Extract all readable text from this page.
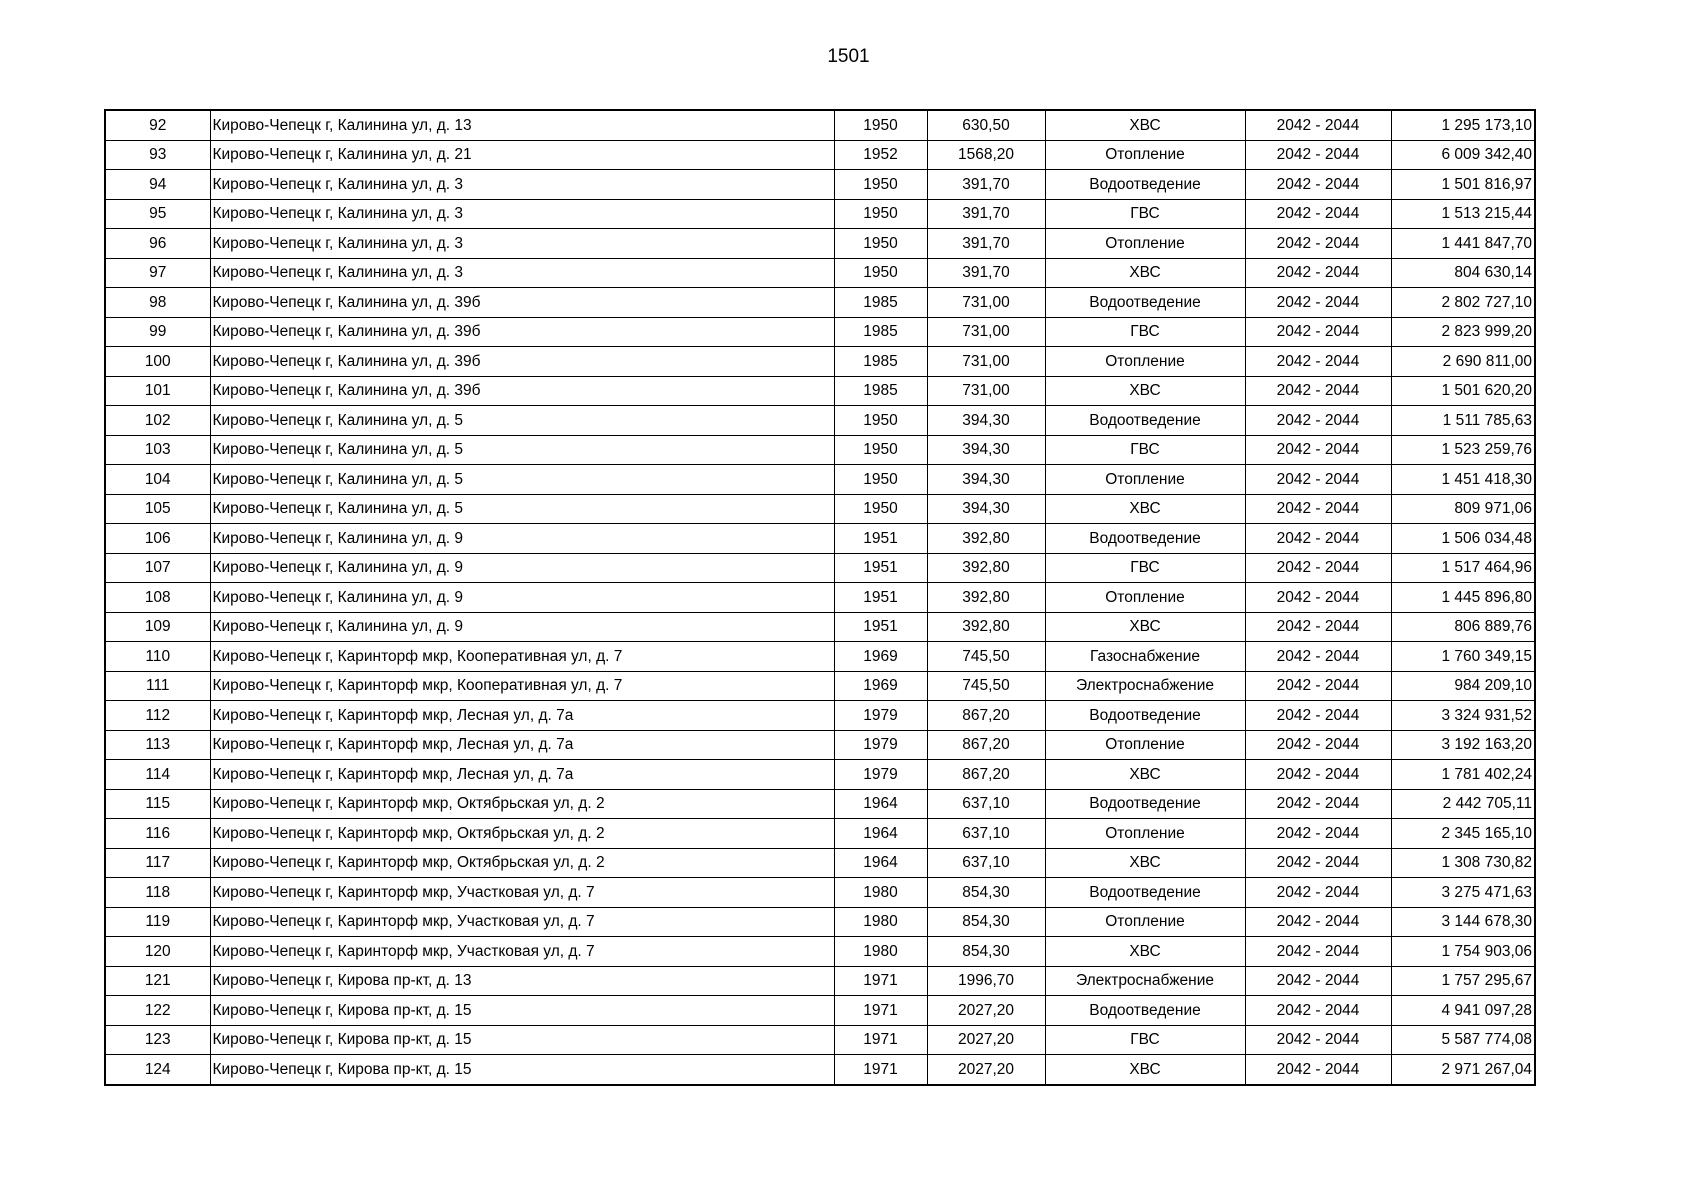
1501
92	Кирово-Чепецк г, Калинина ул, д. 13	1950	630,50	ХВС	2042 - 2044	1 295 173,10
93	Кирово-Чепецк г, Калинина ул, д. 21	1952	1568,20	Отопление	2042 - 2044	6 009 342,40
94	Кирово-Чепецк г, Калинина ул, д. 3	1950	391,70	Водоотведение	2042 - 2044	1 501 816,97
95	Кирово-Чепецк г, Калинина ул, д. 3	1950	391,70	ГВС	2042 - 2044	1 513 215,44
96	Кирово-Чепецк г, Калинина ул, д. 3	1950	391,70	Отопление	2042 - 2044	1 441 847,70
97	Кирово-Чепецк г, Калинина ул, д. 3	1950	391,70	ХВС	2042 - 2044	804 630,14
98	Кирово-Чепецк г, Калинина ул, д. 39б	1985	731,00	Водоотведение	2042 - 2044	2 802 727,10
99	Кирово-Чепецк г, Калинина ул, д. 39б	1985	731,00	ГВС	2042 - 2044	2 823 999,20
100	Кирово-Чепецк г, Калинина ул, д. 39б	1985	731,00	Отопление	2042 - 2044	2 690 811,00
101	Кирово-Чепецк г, Калинина ул, д. 39б	1985	731,00	ХВС	2042 - 2044	1 501 620,20
102	Кирово-Чепецк г, Калинина ул, д. 5	1950	394,30	Водоотведение	2042 - 2044	1 511 785,63
103	Кирово-Чепецк г, Калинина ул, д. 5	1950	394,30	ГВС	2042 - 2044	1 523 259,76
104	Кирово-Чепецк г, Калинина ул, д. 5	1950	394,30	Отопление	2042 - 2044	1 451 418,30
105	Кирово-Чепецк г, Калинина ул, д. 5	1950	394,30	ХВС	2042 - 2044	809 971,06
106	Кирово-Чепецк г, Калинина ул, д. 9	1951	392,80	Водоотведение	2042 - 2044	1 506 034,48
107	Кирово-Чепецк г, Калинина ул, д. 9	1951	392,80	ГВС	2042 - 2044	1 517 464,96
108	Кирово-Чепецк г, Калинина ул, д. 9	1951	392,80	Отопление	2042 - 2044	1 445 896,80
109	Кирово-Чепецк г, Калинина ул, д. 9	1951	392,80	ХВС	2042 - 2044	806 889,76
110	Кирово-Чепецк г, Каринторф мкр, Кооперативная ул, д. 7	1969	745,50	Газоснабжение	2042 - 2044	1 760 349,15
111	Кирово-Чепецк г, Каринторф мкр, Кооперативная ул, д. 7	1969	745,50	Электроснабжение	2042 - 2044	984 209,10
112	Кирово-Чепецк г, Каринторф мкр, Лесная ул, д. 7а	1979	867,20	Водоотведение	2042 - 2044	3 324 931,52
113	Кирово-Чепецк г, Каринторф мкр, Лесная ул, д. 7а	1979	867,20	Отопление	2042 - 2044	3 192 163,20
114	Кирово-Чепецк г, Каринторф мкр, Лесная ул, д. 7а	1979	867,20	ХВС	2042 - 2044	1 781 402,24
115	Кирово-Чепецк г, Каринторф мкр, Октябрьская ул, д. 2	1964	637,10	Водоотведение	2042 - 2044	2 442 705,11
116	Кирово-Чепецк г, Каринторф мкр, Октябрьская ул, д. 2	1964	637,10	Отопление	2042 - 2044	2 345 165,10
117	Кирово-Чепецк г, Каринторф мкр, Октябрьская ул, д. 2	1964	637,10	ХВС	2042 - 2044	1 308 730,82
118	Кирово-Чепецк г, Каринторф мкр, Участковая ул, д. 7	1980	854,30	Водоотведение	2042 - 2044	3 275 471,63
119	Кирово-Чепецк г, Каринторф мкр, Участковая ул, д. 7	1980	854,30	Отопление	2042 - 2044	3 144 678,30
120	Кирово-Чепецк г, Каринторф мкр, Участковая ул, д. 7	1980	854,30	ХВС	2042 - 2044	1 754 903,06
121	Кирово-Чепецк г, Кирова пр-кт, д. 13	1971	1996,70	Электроснабжение	2042 - 2044	1 757 295,67
122	Кирово-Чепецк г, Кирова пр-кт, д. 15	1971	2027,20	Водоотведение	2042 - 2044	4 941 097,28
123	Кирово-Чепецк г, Кирова пр-кт, д. 15	1971	2027,20	ГВС	2042 - 2044	5 587 774,08
124	Кирово-Чепецк г, Кирова пр-кт, д. 15	1971	2027,20	ХВС	2042 - 2044	2 971 267,04
